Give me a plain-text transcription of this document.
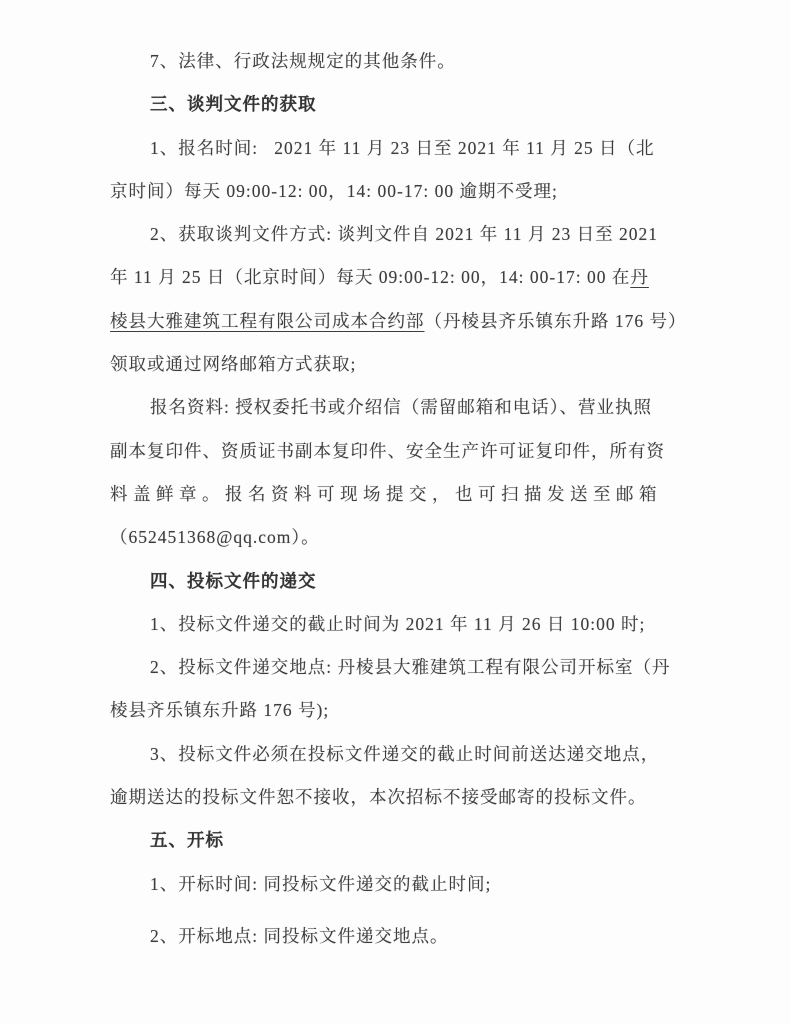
7、法律、行政法规规定的其他条件。
三、谈判文件的获取
1、报名时间:   2021 年 11 月 23 日至 2021 年 11 月 25 日（北
京时间）每天 09:00-12: 00，14: 00-17: 00 逾期不受理;
2、获取谈判文件方式: 谈判文件自 2021 年 11 月 23 日至 2021
年 11 月 25 日（北京时间）每天 09:00-12: 00，14: 00-17: 00 在丹
棱县大雅建筑工程有限公司成本合约部（丹棱县齐乐镇东升路 176 号）
领取或通过网络邮箱方式获取;
报名资料: 授权委托书或介绍信（需留邮箱和电话）、营业执照
副本复印件、资质证书副本复印件、安全生产许可证复印件，所有资
料盖鲜章。报名资料可现场提交，也可扫描发送至邮箱
（652451368@qq.com）。
四、投标文件的递交
1、投标文件递交的截止时间为 2021 年 11 月 26 日 10:00 时;
2、投标文件递交地点: 丹棱县大雅建筑工程有限公司开标室（丹
棱县齐乐镇东升路 176 号);
3、投标文件必须在投标文件递交的截止时间前送达递交地点，
逾期送达的投标文件恕不接收，本次招标不接受邮寄的投标文件。
五、开标
1、开标时间: 同投标文件递交的截止时间;
2、开标地点: 同投标文件递交地点。
